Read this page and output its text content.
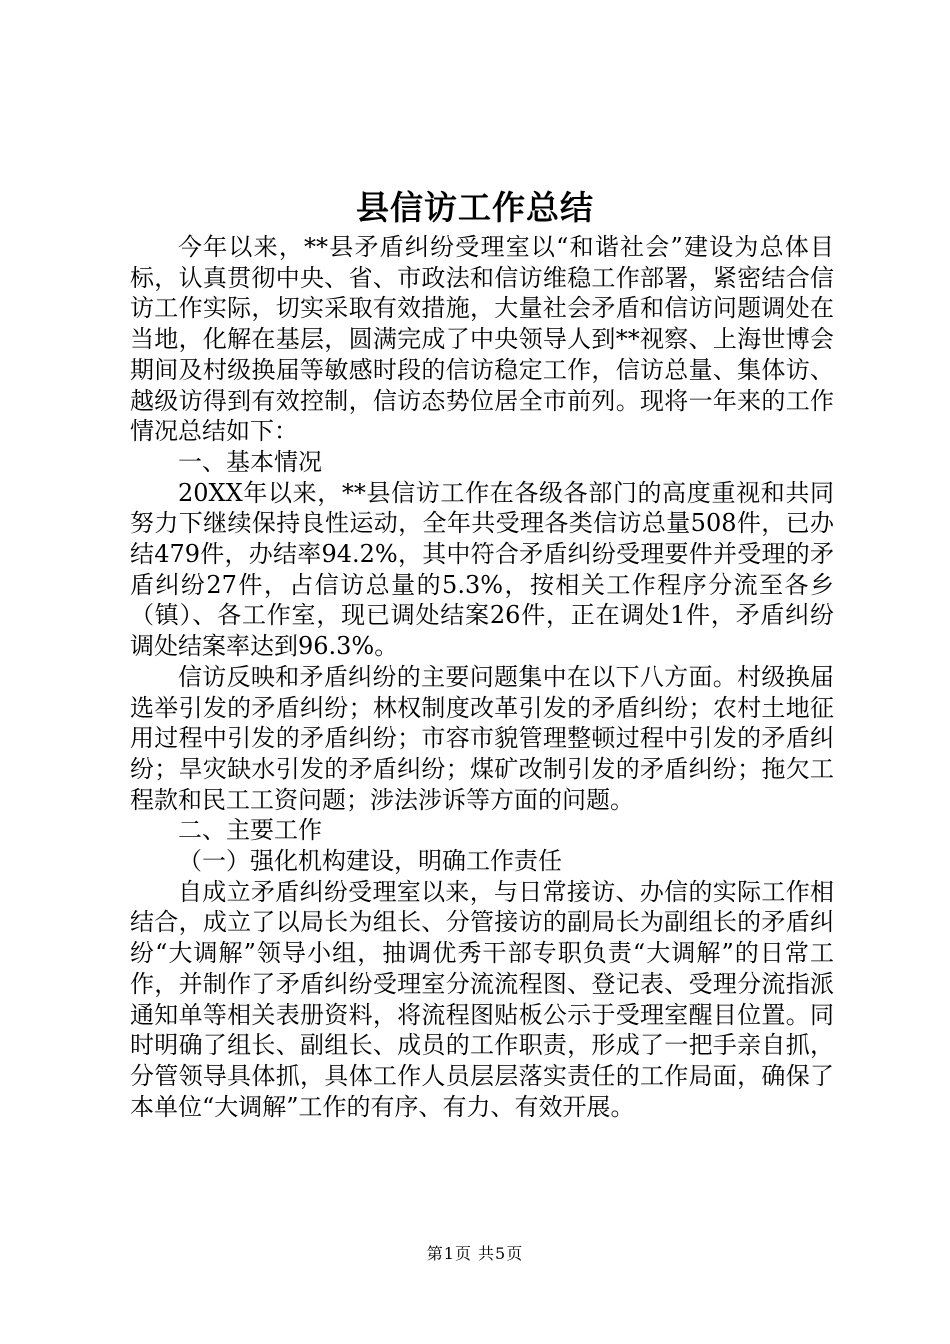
县信访工作总结

今年以来，**县矛盾纠纷受理室以“和谐社会”建设为总体目标，认真贯彻中央、省、市政法和信访维稳工作部署，紧密结合信访工作实际，切实采取有效措施，大量社会矛盾和信访问题调处在当地，化解在基层，圆满完成了中央领导人到**视察、上海世博会期间及村级换届等敏感时段的信访稳定工作，信访总量、集体访、越级访得到有效控制，信访态势位居全市前列。现将一年来的工作情况总结如下：

一、基本情况

20XX年以来，**县信访工作在各级各部门的高度重视和共同努力下继续保持良性运动，全年共受理各类信访总量508件，已办结479件，办结率94.2%，其中符合矛盾纠纷受理要件并受理的矛盾纠纷27件，占信访总量的5.3%，按相关工作程序分流至各乡（镇）、各工作室，现已调处结案26件，正在调处1件，矛盾纠纷调处结案率达到96.3%。

信访反映和矛盾纠纷的主要问题集中在以下八方面。村级换届选举引发的矛盾纠纷；林权制度改革引发的矛盾纠纷；农村土地征用过程中引发的矛盾纠纷；市容市貌管理整顿过程中引发的矛盾纠纷；旱灾缺水引发的矛盾纠纷；煤矿改制引发的矛盾纠纷；拖欠工程款和民工工资问题；涉法涉诉等方面的问题。

二、主要工作

（一）强化机构建设，明确工作责任

自成立矛盾纠纷受理室以来，与日常接访、办信的实际工作相结合，成立了以局长为组长、分管接访的副局长为副组长的矛盾纠纷“大调解”领导小组，抽调优秀干部专职负责“大调解”的日常工作，并制作了矛盾纠纷受理室分流流程图、登记表、受理分流指派通知单等相关表册资料，将流程图贴板公示于受理室醒目位置。同时明确了组长、副组长、成员的工作职责，形成了一把手亲自抓，分管领导具体抓，具体工作人员层层落实责任的工作局面，确保了本单位“大调解”工作的有序、有力、有效开展。

第1页 共5页
